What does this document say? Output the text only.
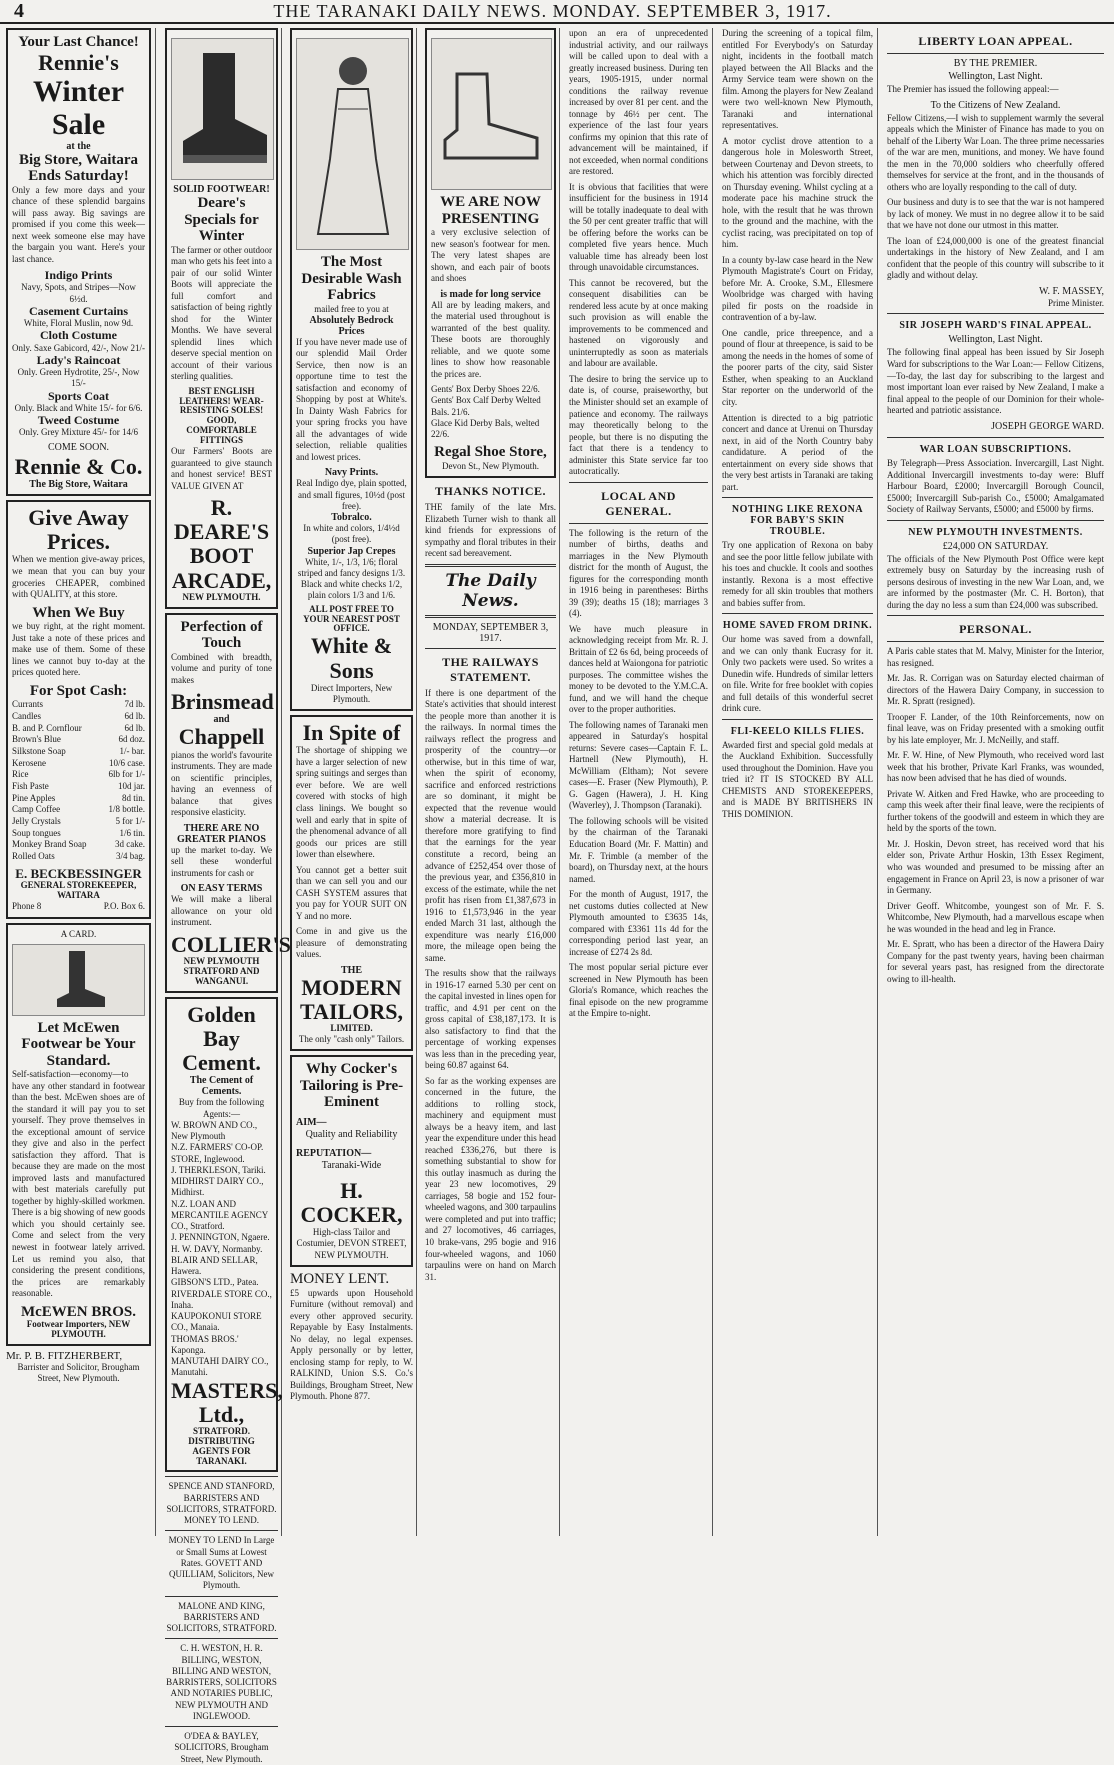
4	THE TARANAKI DAILY NEWS. MONDAY. SEPTEMBER 3, 1917.
Your Last Chance!
Rennie's
Winter Sale
at the
Big Store, Waitara
Ends Saturday!

Only a few more days and your chance of these splendid bargains will pass away. Big savings are promised if you come this week—next week someone else may have the bargain you want. Here's your last chance.

Indigo Prints
Navy, Spots, and Stripes—Now 6½d.
Casement Curtains
White, Floral Muslin, now 9d.
Cloth Costume
Only. Saxe Gabicord, 42/-, Now 21/-
Lady's Raincoat
Only. Green Hydrotite, 25/-, Now 15/-
Sports Coat
Only. Black and White 15/- for 6/6.
Tweed Costume
Only. Grey Mixture 45/- for 14/6
COME SOON.
Rennie & Co.
The Big Store, Waitara
Give Away Prices.

When we mention give-away prices, we mean that you can buy your groceries CHEAPER, combined with QUALITY, at this store.

When We Buy

we buy right, at the right moment. Just take a note of these prices and make use of them. Some of these lines we cannot buy to-day at the prices quoted here.

For Spot Cash:
Currants	7d lb.
Candles	6d lb.
B. and P. Cornflour	6d lb.
Brown's Blue	6d doz.
Silkstone Soap	1/- bar.
Kerosene	10/6 case.
Rice	6lb for 1/-
Fish Paste	10d jar.
Pine Apples	8d tin.
Camp Coffee	1/8 bottle.
Jelly Crystals	5 for 1/-
Soup tongues	1/6 tin.
Monkey Brand Soap	3d cake.
Rolled Oats	3/4 bag.
E. BECKBESSINGER
GENERAL STOREKEEPER, WAITARA
Phone 8	P.O. Box 6.
A CARD.
Let McEwen Footwear be Your Standard.

Self-satisfaction—economy—to have any other standard in footwear than the best. McEwen shoes are of the standard it will pay you to set yourself. They prove themselves in the exceptional amount of service they give and also in the perfect satisfaction they afford. That is because they are made on the most improved lasts and manufactured with best materials carefully put together by highly-skilled workmen. There is a big showing of new goods which you should certainly see. Come and select from the very newest in footwear lately arrived. Let us remind you also, that considering the present conditions, the prices are remarkably reasonable.

McEWEN BROS.
Footwear Importers, NEW PLYMOUTH.
Mr. P. B. FITZHERBERT,
Barrister and Solicitor, Brougham Street, New Plymouth.
SOLID FOOTWEAR!
Deare's Specials for Winter

The farmer or other outdoor man who gets his feet into a pair of our solid Winter Boots will appreciate the full comfort and satisfaction of being rightly shod for the Winter Months. We have several splendid lines which deserve special mention on account of their various sterling qualities.

BEST ENGLISH LEATHERS! WEAR-RESISTING SOLES! GOOD, COMFORTABLE FITTINGS

Our Farmers' Boots are guaranteed to give staunch and honest service! BEST VALUE GIVEN AT

R. DEARE'S BOOT ARCADE,
NEW PLYMOUTH.
Perfection of Touch

Combined with breadth, volume and purity of tone makes

Brinsmead
and
Chappell

pianos the world's favourite instruments. They are made on scientific principles, having an evenness of balance that gives responsive elasticity.

THERE ARE NO GREATER PIANOS

up the market to-day. We sell these wonderful instruments for cash or

ON EASY TERMS

We will make a liberal allowance on your old instrument.

COLLIER'S
NEW PLYMOUTH STRATFORD AND WANGANUI.
Golden Bay Cement.
The Cement of Cements.
Buy from the following Agents:—
W. BROWN AND CO., New Plymouth
N.Z. FARMERS' CO-OP. STORE, Inglewood.
J. THERKLESON, Tariki.
MIDHIRST DAIRY CO., Midhirst.
N.Z. LOAN AND MERCANTILE AGENCY CO., Stratford.
J. PENNINGTON, Ngaere.
H. W. DAVY, Normanby.
BLAIR AND SELLAR, Hawera.
GIBSON'S LTD., Patea.
RIVERDALE STORE CO., Inaha.
KAUPOKONUI STORE CO., Manaia.
THOMAS BROS.' Kaponga.
MANUTAHI DAIRY CO., Manutahi.
MASTERS, Ltd.,
STRATFORD. DISTRIBUTING AGENTS FOR TARANAKI.
SPENCE AND STANFORD, BARRISTERS AND SOLICITORS, STRATFORD. MONEY TO LEND.
MONEY TO LEND In Large or Small Sums at Lowest Rates. GOVETT AND QUILLIAM, Solicitors, New Plymouth.
MALONE AND KING, BARRISTERS AND SOLICITORS, STRATFORD.
C. H. WESTON, H. R. BILLING, WESTON, BILLING AND WESTON, BARRISTERS, SOLICITORS AND NOTARIES PUBLIC, NEW PLYMOUTH AND INGLEWOOD.
O'DEA & BAYLEY, SOLICITORS, Brougham Street, New Plymouth.
The Most Desirable Wash Fabrics
mailed free to you at
Absolutely Bedrock Prices

If you have never made use of our splendid Mail Order Service, then now is an opportune time to test the satisfaction and economy of Shopping by post at White's. In Dainty Wash Fabrics for your spring frocks you have all the advantages of wide selection, reliable qualities and lowest prices.

Navy Prints.
Real Indigo dye, plain spotted, and small figures, 10½d (post free).
Tobralco.
In white and colors, 1/4½d (post free).
Superior Jap Crepes
White, 1/-, 1/3, 1/6; floral striped and fancy designs 1/3. Black and white checks 1/2, plain colors 1/3 and 1/6.
ALL POST FREE TO YOUR NEAREST POST OFFICE.
White & Sons
Direct Importers, New Plymouth.
In Spite of

The shortage of shipping we have a larger selection of new spring suitings and serges than ever before. We are well covered with stocks of high class linings. We bought so well and early that in spite of the phenomenal advance of all goods our prices are still lower than elsewhere.

You cannot get a better suit than we can sell you and our CASH SYSTEM assures that you pay for YOUR SUIT ON Y and no more.

Come in and give us the pleasure of demonstrating values.

THE
MODERN TAILORS,
LIMITED.
The only "cash only" Tailors.
Why Cocker's Tailoring is Pre-Eminent
AIM—
Quality and Reliability
REPUTATION—
Taranaki-Wide
H. COCKER,
High-class Tailor and Costumier, DEVON STREET, NEW PLYMOUTH.
MONEY LENT.

£5 upwards upon Household Furniture (without removal) and every other approved security. Repayable by Easy Instalments. No delay, no legal expenses. Apply personally or by letter, enclosing stamp for reply, to W. RALKIND, Union S.S. Co.'s Buildings, Brougham Street, New Plymouth. Phone 877.

WE ARE NOW PRESENTING

a very exclusive selection of new season's footwear for men. The very latest shapes are shown, and each pair of boots and shoes

is made for long service

All are by leading makers, and the material used throughout is warranted of the best quality. These boots are thoroughly reliable, and we quote some lines to show how reasonable the prices are.

Gents' Box Derby Shoes 22/6.
Gents' Box Calf Derby Welted Bals. 21/6.
Glace Kid Derby Bals, welted 22/6.
Regal Shoe Store,
Devon St., New Plymouth.
THANKS NOTICE.

THE family of the late Mrs. Elizabeth Turner wish to thank all kind friends for expressions of sympathy and floral tributes in their recent sad bereavement.

The Daily News.
MONDAY, SEPTEMBER 3, 1917.
THE RAILWAYS STATEMENT.

If there is one department of the State's activities that should interest the people more than another it is the railways. In normal times the railways reflect the progress and prosperity of the country—or otherwise, but in this time of war, when the spirit of economy, sacrifice and enforced restrictions are so dominant, it might be expected that the revenue would show a material decrease. It is therefore more gratifying to find that the earnings for the year constitute a record, being an advance of £252,454 over those of the previous year, and £356,810 in excess of the estimate, while the net profit has risen from £1,387,673 in 1916 to £1,573,946 in the year ended March 31 last, although the expenditure was nearly £16,000 more, the mileage open being the same.

The results show that the railways in 1916-17 earned 5.30 per cent on the capital invested in lines open for traffic, and 4.91 per cent on the gross capital of £38,187,173. It is also satisfactory to find that the percentage of working expenses was less than in the preceding year, being 60.87 against 64.

So far as the working expenses are concerned in the future, the additions to rolling stock, machinery and equipment must always be a heavy item, and last year the expenditure under this head reached £336,276, but there is something substantial to show for this outlay inasmuch as during the year 23 new locomotives, 29 carriages, 58 bogie and 152 four-wheeled wagons, and 300 tarpaulins were completed and put into traffic; and 27 locomotives, 46 carriages, 10 brake-vans, 295 bogie and 916 four-wheeled wagons, and 1060 tarpaulins were on hand on March 31.

upon an era of unprecedented industrial activity, and our railways will be called upon to deal with a greatly increased business. During ten years, 1905-1915, under normal conditions the railway revenue increased by over 81 per cent. and the tonnage by 46½ per cent. The experience of the last four years confirms my opinion that this rate of advancement will be maintained, if not exceeded, when normal conditions are restored.

It is obvious that facilities that were insufficient for the business in 1914 will be totally inadequate to deal with the 50 per cent greater traffic that will be offering before the works can be completed five years hence. Much valuable time has already been lost through unavoidable circumstances.

This cannot be recovered, but the consequent disabilities can be rendered less acute by at once making such provision as will enable the improvements to be commenced and hastened on vigorously and uninterruptedly as soon as materials and labour are available.

The desire to bring the service up to date is, of course, praiseworthy, but the Minister should set an example of patience and economy. The railways may theoretically belong to the people, but there is no disputing the fact that there is a tendency to administer this State service far too autocratically.

LOCAL AND GENERAL.

The following is the return of the number of births, deaths and marriages in the New Plymouth district for the month of August, the figures for the corresponding month in 1916 being in parentheses: Births 39 (39); deaths 15 (18); marriages 3 (4).

We have much pleasure in acknowledging receipt from Mr. R. J. Brittain of £2 6s 6d, being proceeds of dances held at Waiongona for patriotic purposes. The committee wishes the money to be devoted to the Y.M.C.A. fund, and we will hand the cheque over to the proper authorities.

The following names of Taranaki men appeared in Saturday's hospital returns: Severe cases—Captain F. L. Hartnell (New Plymouth), H. McWilliam (Eltham); Not severe cases—E. Fraser (New Plymouth), P. G. Gagen (Hawera), J. H. King (Waverley), J. Thompson (Taranaki).

The following schools will be visited by the chairman of the Taranaki Education Board (Mr. F. Mattin) and Mr. F. Trimble (a member of the board), on Thursday next, at the hours named.

For the month of August, 1917, the net customs duties collected at New Plymouth amounted to £3635 14s, compared with £3361 11s 4d for the corresponding period last year, an increase of £274 2s 8d.

The most popular serial picture ever screened in New Plymouth has been Gloria's Romance, which reaches the final episode on the new programme at the Empire to-night.

During the screening of a topical film, entitled For Everybody's on Saturday night, incidents in the football match played between the All Blacks and the Army Service team were shown on the film. Among the players for New Zealand were two well-known New Plymouth, Taranaki and international representatives.

A motor cyclist drove attention to a dangerous hole in Molesworth Street, between Courtenay and Devon streets, to which his attention was forcibly directed on Thursday evening. Whilst cycling at a moderate pace his machine struck the hole, with the result that he was thrown to the ground and the machine, with the cyclist racing, was precipitated on top of him.

In a county by-law case heard in the New Plymouth Magistrate's Court on Friday, before Mr. A. Crooke, S.M., Ellesmere Woolbridge was charged with having piled fir posts on the roadside in contravention of a by-law.

One candle, price threepence, and a pound of flour at threepence, is said to be among the needs in the homes of some of the poorer parts of the city, said Sister Esther, when speaking to an Auckland Star reporter on the underworld of the city.

Attention is directed to a big patriotic concert and dance at Urenui on Thursday next, in aid of the North Country baby candidature. A period of the entertainment on every side shows that the very best artists in Taranaki are taking part.

NOTHING LIKE REXONA FOR BABY'S SKIN TROUBLE.

Try one application of Rexona on baby and see the poor little fellow jubilate with his toes and chuckle. It cools and soothes instantly. Rexona is a most effective remedy for all skin troubles that mothers and babies suffer from.

HOME SAVED FROM DRINK.

Our home was saved from a downfall, and we can only thank Eucrasy for it. Only two packets were used. So writes a Dunedin wife. Hundreds of similar letters on file. Write for free booklet with copies and full details of this wonderful secret drink cure.

FLI-KEELO KILLS FLIES.

Awarded first and special gold medals at the Auckland Exhibition. Successfully used throughout the Dominion. Have you tried it? IT IS STOCKED BY ALL CHEMISTS AND STOREKEEPERS, and is MADE BY BRITISHERS IN THIS DOMINION.

LIBERTY LOAN APPEAL.
BY THE PREMIER.
Wellington, Last Night.

The Premier has issued the following appeal:—

To the Citizens of New Zealand.

Fellow Citizens,—I wish to supplement warmly the several appeals which the Minister of Finance has made to you on behalf of the Liberty War Loan. The three prime necessaries of the war are men, munitions, and money. We have found the men in the 70,000 soldiers who cheerfully offered themselves for service at the front, and in the thousands of others who are loyally responding to the call of duty.

Our business and duty is to see that the war is not hampered by lack of money. We must in no degree allow it to be said that we have not done our utmost in this matter.

The loan of £24,000,000 is one of the greatest financial undertakings in the history of New Zealand, and I am confident that the people of this country will subscribe to it gladly and without delay.

W. F. MASSEY,
Prime Minister.
SIR JOSEPH WARD'S FINAL APPEAL.
Wellington, Last Night.

The following final appeal has been issued by Sir Joseph Ward for subscriptions to the War Loan:— Fellow Citizens,—To-day, the last day for subscribing to the largest and most important loan ever raised by New Zealand, I make a final appeal to the people of our Dominion for their whole-hearted and patriotic assistance.

JOSEPH GEORGE WARD.
WAR LOAN SUBSCRIPTIONS.

By Telegraph—Press Association. Invercargill, Last Night. Additional Invercargill investments to-day were: Bluff Harbour Board, £2000; Invercargill Borough Council, £5000; Invercargill Sub-parish Co., £5000; Amalgamated Society of Railway Servants, £5000; and £5000 by firms.

NEW PLYMOUTH INVESTMENTS.
£24,000 ON SATURDAY.

The officials of the New Plymouth Post Office were kept extremely busy on Saturday by the increasing rush of persons desirous of investing in the new War Loan, and, we are informed by the postmaster (Mr. C. H. Borton), that during the day no less a sum than £24,000 was subscribed.

PERSONAL.

A Paris cable states that M. Malvy, Minister for the Interior, has resigned.

Mr. Jas. R. Corrigan was on Saturday elected chairman of directors of the Hawera Dairy Company, in succession to Mr. R. Spratt (resigned).

Trooper F. Lander, of the 10th Reinforcements, now on final leave, was on Friday presented with a smoking outfit by his late employer, Mr. J. McNeilly, and staff.

Mr. F. W. Hine, of New Plymouth, who received word last week that his brother, Private Karl Franks, was wounded, has now been advised that he has died of wounds.

Private W. Aitken and Fred Hawke, who are proceeding to camp this week after their final leave, were the recipients of further tokens of the goodwill and esteem in which they are held by the sports of the town.

Mr. J. Hoskin, Devon street, has received word that his elder son, Private Arthur Hoskin, 13th Essex Regiment, who was wounded and presumed to be missing after an engagement in France on April 23, is now a prisoner of war in Germany.

Driver Geoff. Whitcombe, youngest son of Mr. F. S. Whitcombe, New Plymouth, had a marvellous escape when he was wounded in the head and leg in France.

Mr. E. Spratt, who has been a director of the Hawera Dairy Company for the past twenty years, having been chairman for several years past, has resigned from the directorate owing to ill-health.
